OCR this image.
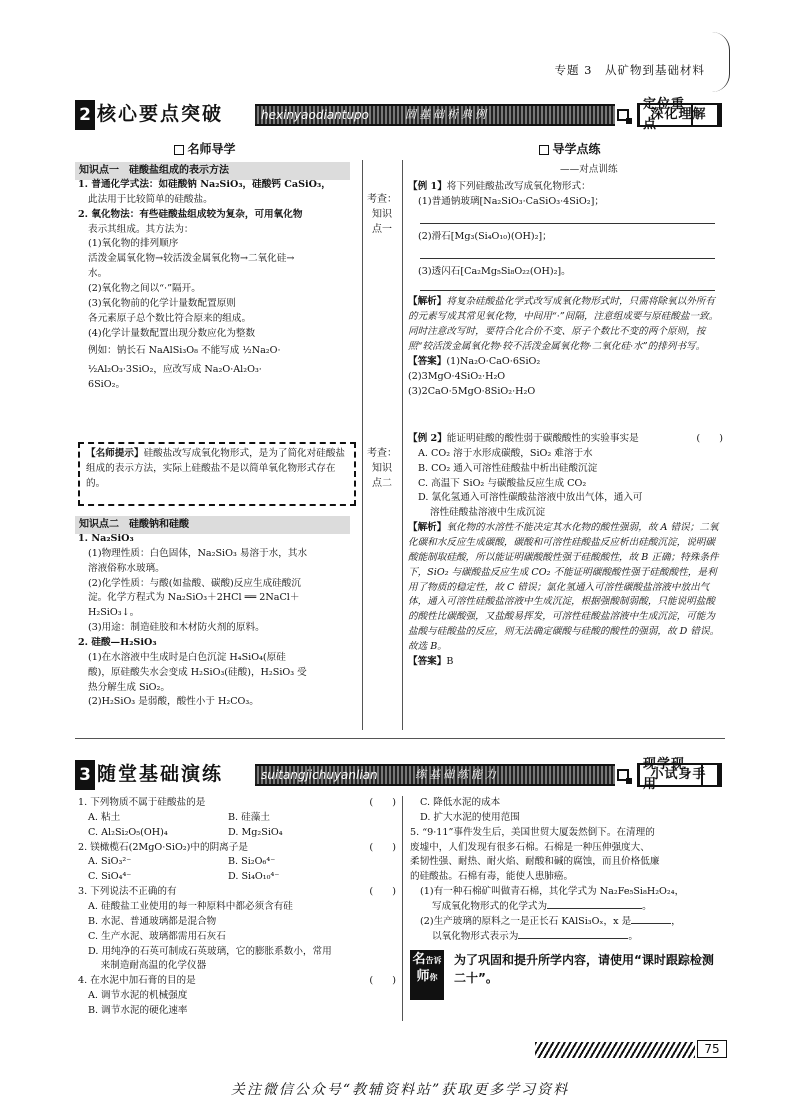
专题 3　从矿物到基础材料
2 核心要点突破	hexinyaodiantupo	固基础析典例
定位重点
深化理解
名师导学
知识点一　硅酸盐组成的表示方法

1. 普通化学式法：如硅酸钠 Na₂SiO₃，硅酸钙 CaSiO₃，

此法用于比较简单的硅酸盐。

2. 氧化物法：有些硅酸盐组成较为复杂，可用氧化物

表示其组成。其方法为：

(1)氧化物的排列顺序

活泼金属氧化物→较活泼金属氧化物→二氧化硅→

水。

(2)氧化物之间以“·”隔开。

(3)氧化物前的化学计量数配置原则

各元素原子总个数比符合原来的组成。

(4)化学计量数配置出现分数应化为整数

例如：钠长石 NaAlSi₃O₈ 不能写成 ½Na₂O·

½Al₂O₃·3SiO₂，应改写成 Na₂O·Al₂O₃·

6SiO₂。

【名师提示】硅酸盐改写成氧化物形式，是为了简化对硅酸盐组成的表示方法，实际上硅酸盐不是以简单氧化物形式存在的。
知识点二　硅酸钠和硅酸

1. Na₂SiO₃

(1)物理性质：白色固体，Na₂SiO₃ 易溶于水，其水

溶液俗称水玻璃。

(2)化学性质：与酸(如盐酸、碳酸)反应生成硅酸沉

淀。化学方程式为 Na₂SiO₃＋2HCl ══ 2NaCl＋

H₂SiO₃↓。

(3)用途：制造硅胶和木材防火剂的原料。

2. 硅酸—H₂SiO₃

(1)在水溶液中生成时是白色沉淀 H₄SiO₄(原硅

酸)，原硅酸失水会变成 H₂SiO₃(硅酸)，H₂SiO₃ 受

热分解生成 SiO₂。

(2)H₂SiO₃ 是弱酸，酸性小于 H₂CO₃。

考查：

知识

点一

考查：

知识

点二

导学点练
——对点训练

【例 1】将下列硅酸盐改写成氧化物形式：

(1)普通钠玻璃[Na₂SiO₃·CaSiO₃·4SiO₂]；

(2)滑石[Mg₃(Si₄O₁₀)(OH)₂]；

(3)透闪石[Ca₂Mg₅Si₈O₂₂(OH)₂]。

【解析】将复杂硅酸盐化学式改写成氧化物形式时，只需将除氧以外所有的元素写成其常见氧化物，中间用“·”间隔，注意组成要与原硅酸盐一致。同时注意改写时，要符合化合价不变、原子个数比不变的两个原则，按照“较活泼金属氧化物·较不活泼金属氧化物·二氧化硅·水”的排列书写。

【答案】(1)Na₂O·CaO·6SiO₂

(2)3MgO·4SiO₂·H₂O

(3)2CaO·5MgO·8SiO₂·H₂O

【例 2】能证明硅酸的酸性弱于碳酸酸性的实验事实是	(　　)

A. CO₂ 溶于水形成碳酸，SiO₂ 难溶于水

B. CO₂ 通入可溶性硅酸盐中析出硅酸沉淀

C. 高温下 SiO₂ 与碳酸盐反应生成 CO₂

D. 氯化氢通入可溶性碳酸盐溶液中放出气体，通入可

溶性硅酸盐溶液中生成沉淀

【解析】氧化物的水溶性不能决定其水化物的酸性强弱，故 A 错误；二氧化碳和水反应生成碳酸，碳酸和可溶性硅酸盐反应析出硅酸沉淀，说明碳酸能制取硅酸，所以能证明碳酸酸性强于硅酸酸性，故 B 正确；特殊条件下，SiO₂ 与碳酸盐反应生成 CO₂ 不能证明碳酸酸性强于硅酸酸性，是利用了物质的稳定性，故 C 错误；氯化氢通入可溶性碳酸盐溶液中放出气体，通入可溶性硅酸盐溶液中生成沉淀，根据强酸制弱酸，只能说明盐酸的酸性比碳酸强，又盐酸易挥发，可溶性硅酸盐溶液中生成沉淀，可能为盐酸与硅酸盐的反应，则无法确定碳酸与硅酸的酸性的强弱，故 D 错误。故选 B。

【答案】B

3 随堂基础演练	suitangjichuyanlian	练基础练能力
现学现用
小试身手

1. 下列物质不属于硅酸盐的是	(　　)

A. 粘土	B. 硅藻土

C. Al₂Si₂O₅(OH)₄	D. Mg₂SiO₄

2. 镁橄榄石(2MgO·SiO₂)中的阴离子是	(　　)

A. SiO₃²⁻	B. Si₂O₆⁴⁻

C. SiO₄⁴⁻	D. Si₄O₁₀⁴⁻

3. 下列说法不正确的有	(　　)

A. 硅酸盐工业使用的每一种原料中都必须含有硅

B. 水泥、普通玻璃都是混合物

C. 生产水泥、玻璃都需用石灰石

D. 用纯净的石英可制成石英玻璃，它的膨胀系数小，常用

　 来制造耐高温的化学仪器

4. 在水泥中加石膏的目的是	(　　)

A. 调节水泥的机械强度

B. 调节水泥的硬化速率

C. 降低水泥的成本

D. 扩大水泥的使用范围

5. “9·11”事件发生后，美国世贸大厦轰然倒下。在清理的

废墟中，人们发现有很多石棉。石棉是一种压伸强度大、

柔韧性强、耐热、耐火焰、耐酸和碱的腐蚀，而且价格低廉

的硅酸盐。石棉有毒，能使人患肺癌。

(1)有一种石棉矿叫做青石棉，其化学式为 Na₂Fe₅Si₈H₂O₂₄，

写成氧化物形式的化学式为	。

(2)生产玻璃的原料之一是正长石 KAlSi₃Oₓ，x 是	，

以氧化物形式表示为	。

名告诉
师你
为了巩固和提升所学内容，请使用“课时跟踪检测二十”。
75
关注微信公众号“教辅资料站”获取更多学习资料
